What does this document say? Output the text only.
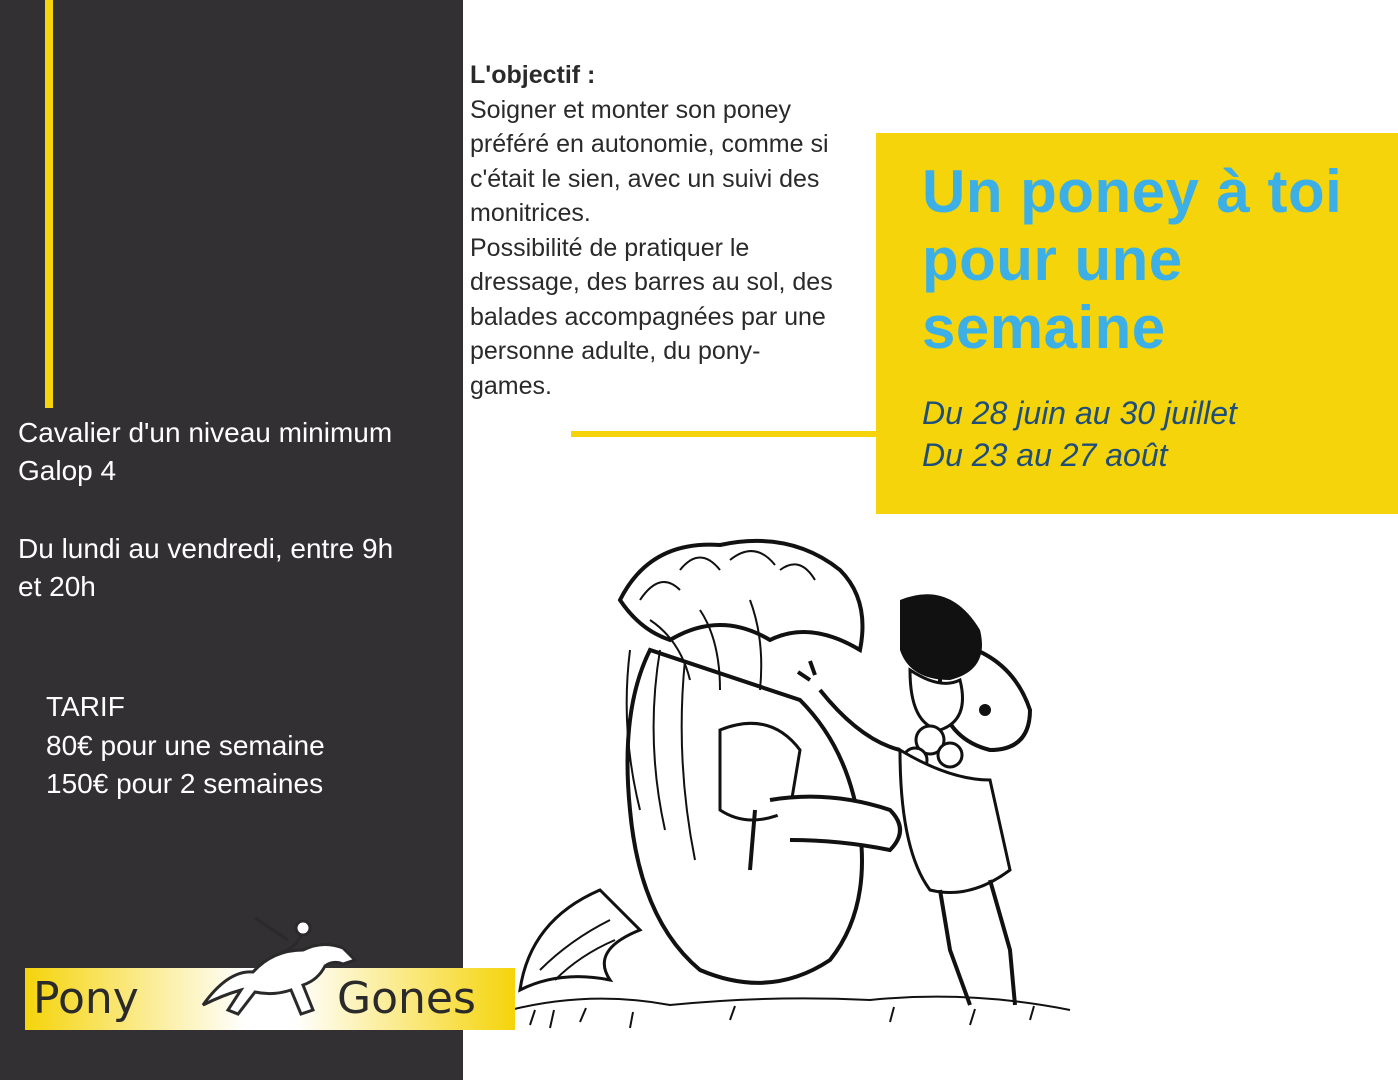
Cavalier d'un niveau minimum
Galop 4

Du lundi au vendredi, entre 9h
et 20h

TARIF

80€ pour une semaine
150€ pour 2 semaines

L'objectif :
Soigner et monter son poney
préféré en autonomie, comme si
c'était le sien, avec un suivi des
monitrices.
Possibilité de pratiquer le
dressage, des barres au sol, des
balades accompagnées par une
personne adulte, du pony-
games.
Un poney à toi pour une semaine
Du 28 juin au 30 juillet
Du 23 au 27 août
Pony	Gones
